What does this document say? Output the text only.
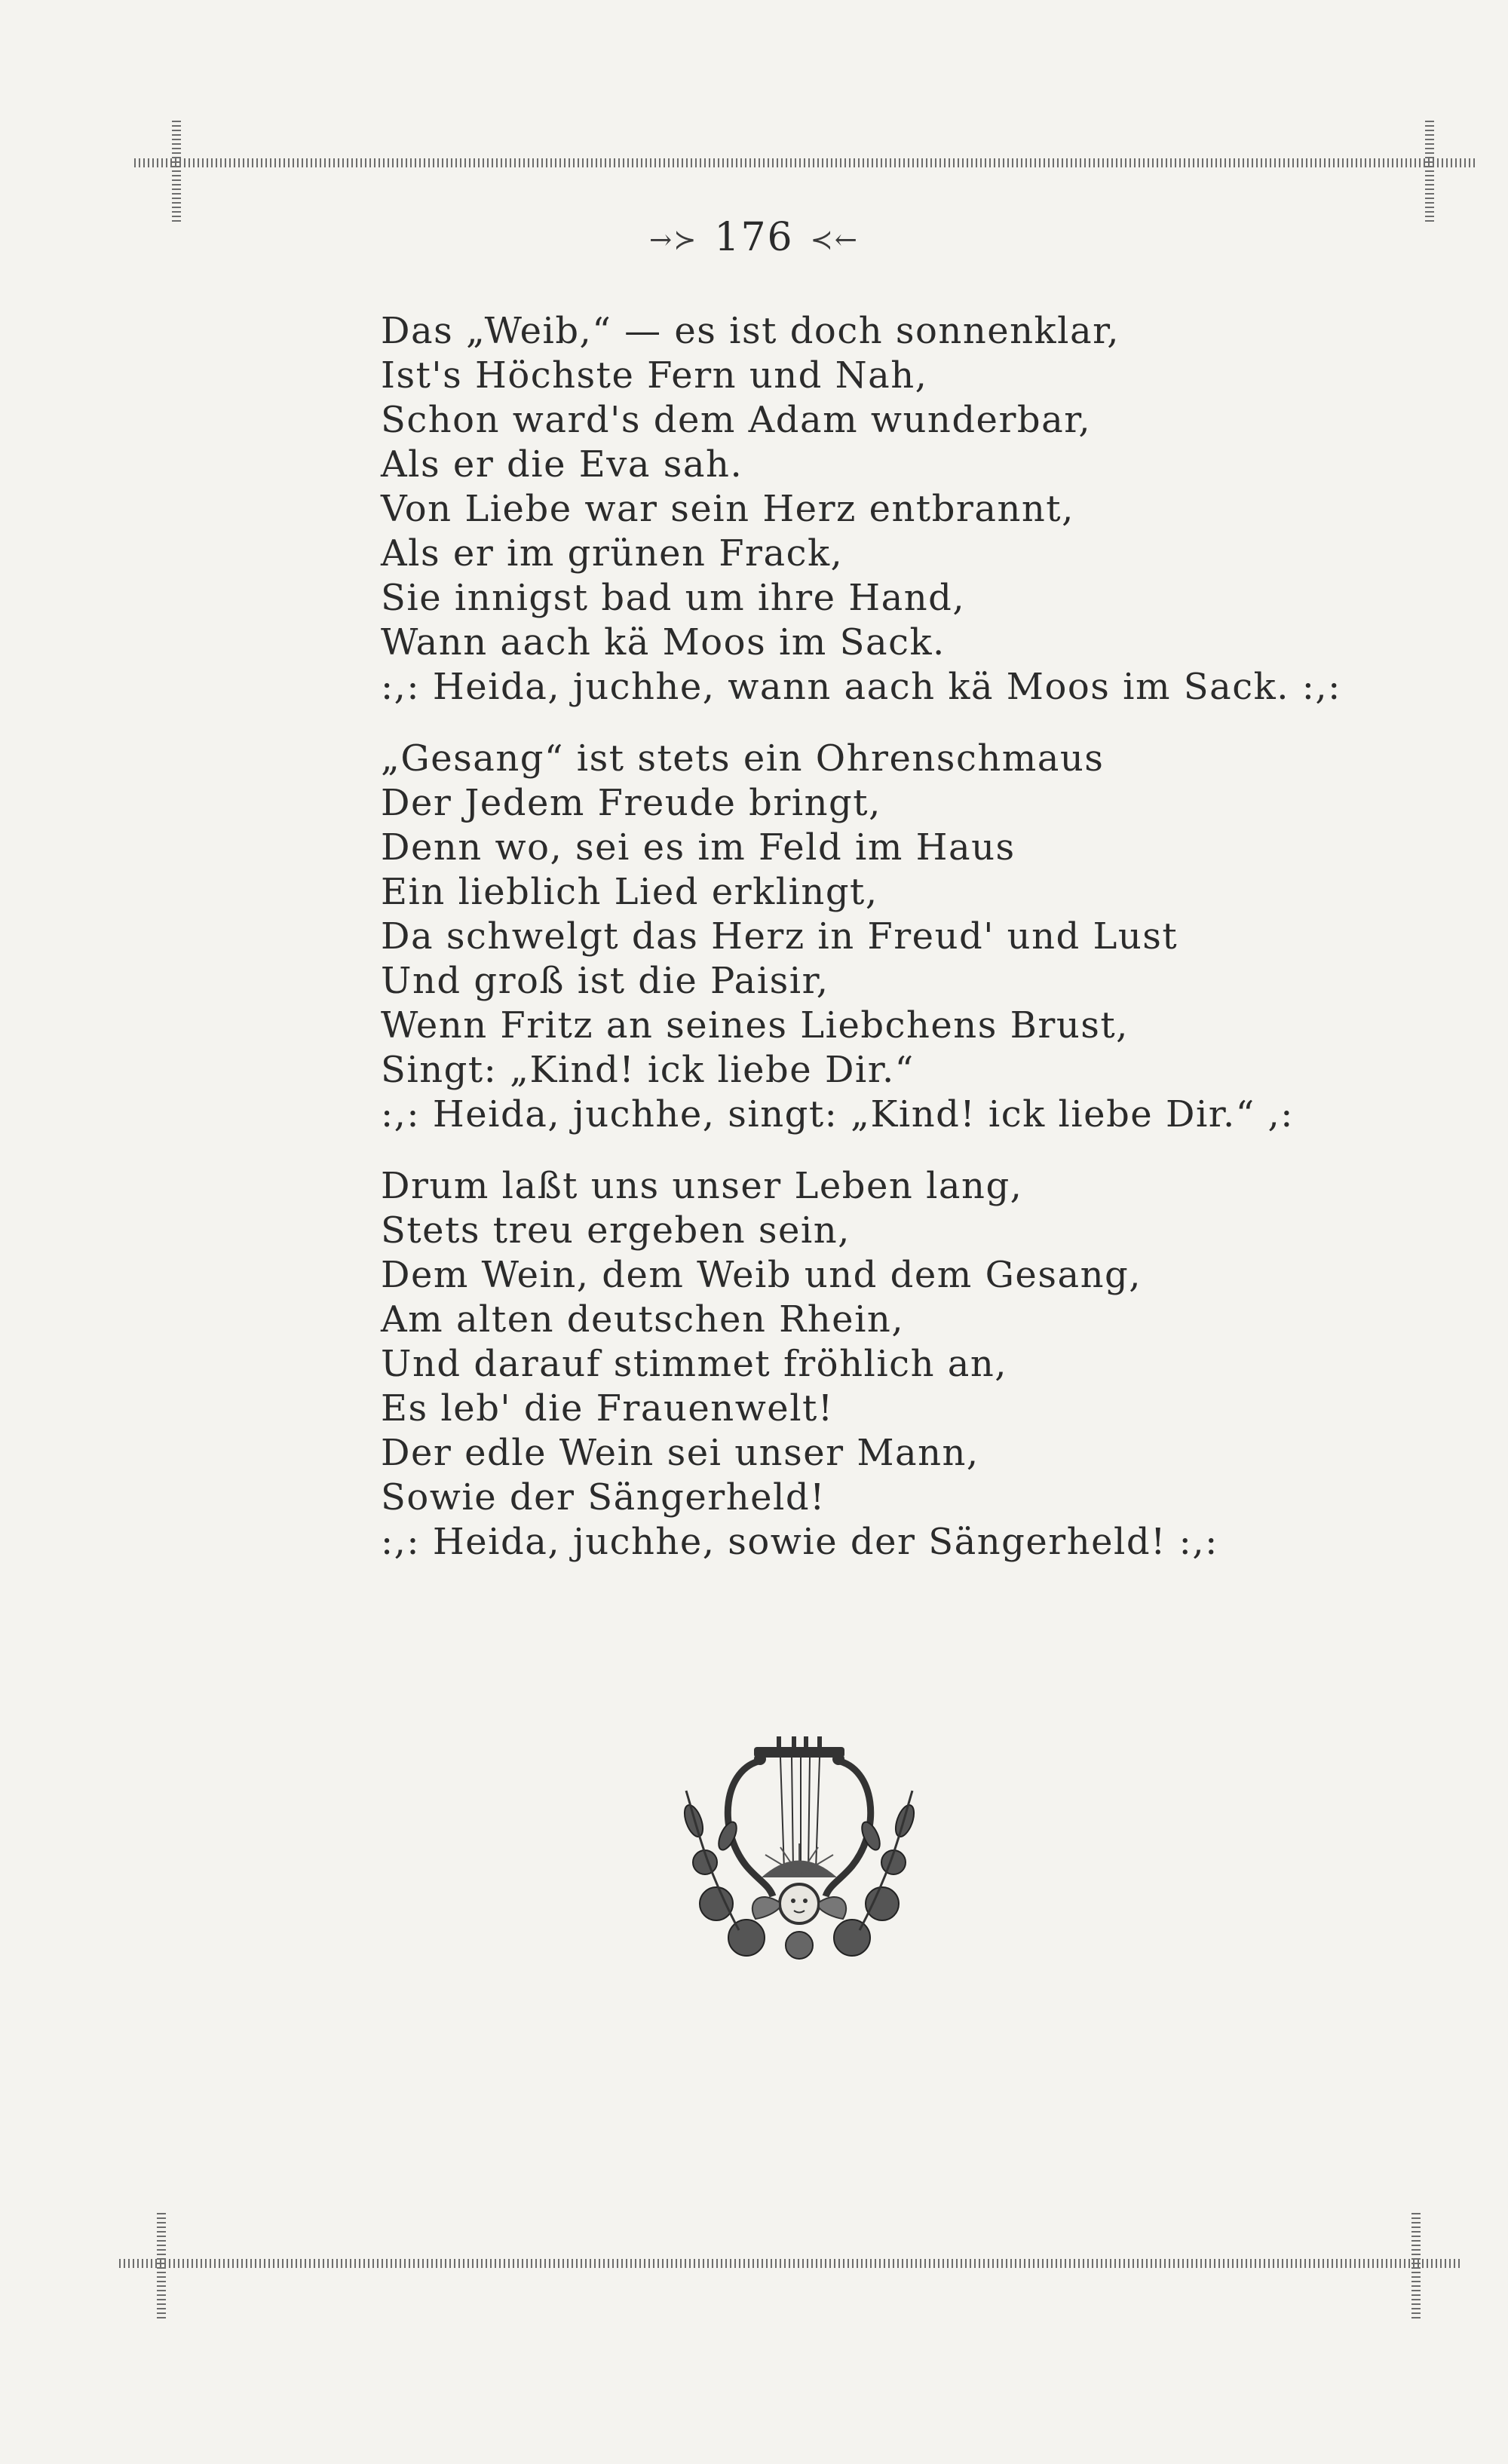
→≻ 176 ≺←
Das „Weib,“ — es ist doch sonnenklar,
Ist's Höchste Fern und Nah,
Schon ward's dem Adam wunderbar,
Als er die Eva sah.
Von Liebe war sein Herz entbrannt,
Als er im grünen Frack,
Sie innigst bad um ihre Hand,
Wann aach kä Moos im Sack.
:,: Heida, juchhe, wann aach kä Moos im Sack. :,:
„Gesang“ ist stets ein Ohrenschmaus
Der Jedem Freude bringt,
Denn wo, sei es im Feld im Haus
Ein lieblich Lied erklingt,
Da schwelgt das Herz in Freud' und Lust
Und groß ist die Paisir,
Wenn Fritz an seines Liebchens Brust,
Singt: „Kind! ick liebe Dir.“
:,: Heida, juchhe, singt: „Kind! ick liebe Dir.“ ,:
Drum laßt uns unser Leben lang,
Stets treu ergeben sein,
Dem Wein, dem Weib und dem Gesang,
Am alten deutschen Rhein,
Und darauf stimmet fröhlich an,
Es leb' die Frauenwelt!
Der edle Wein sei unser Mann,
Sowie der Sängerheld!
:,: Heida, juchhe, sowie der Sängerheld! :,:
